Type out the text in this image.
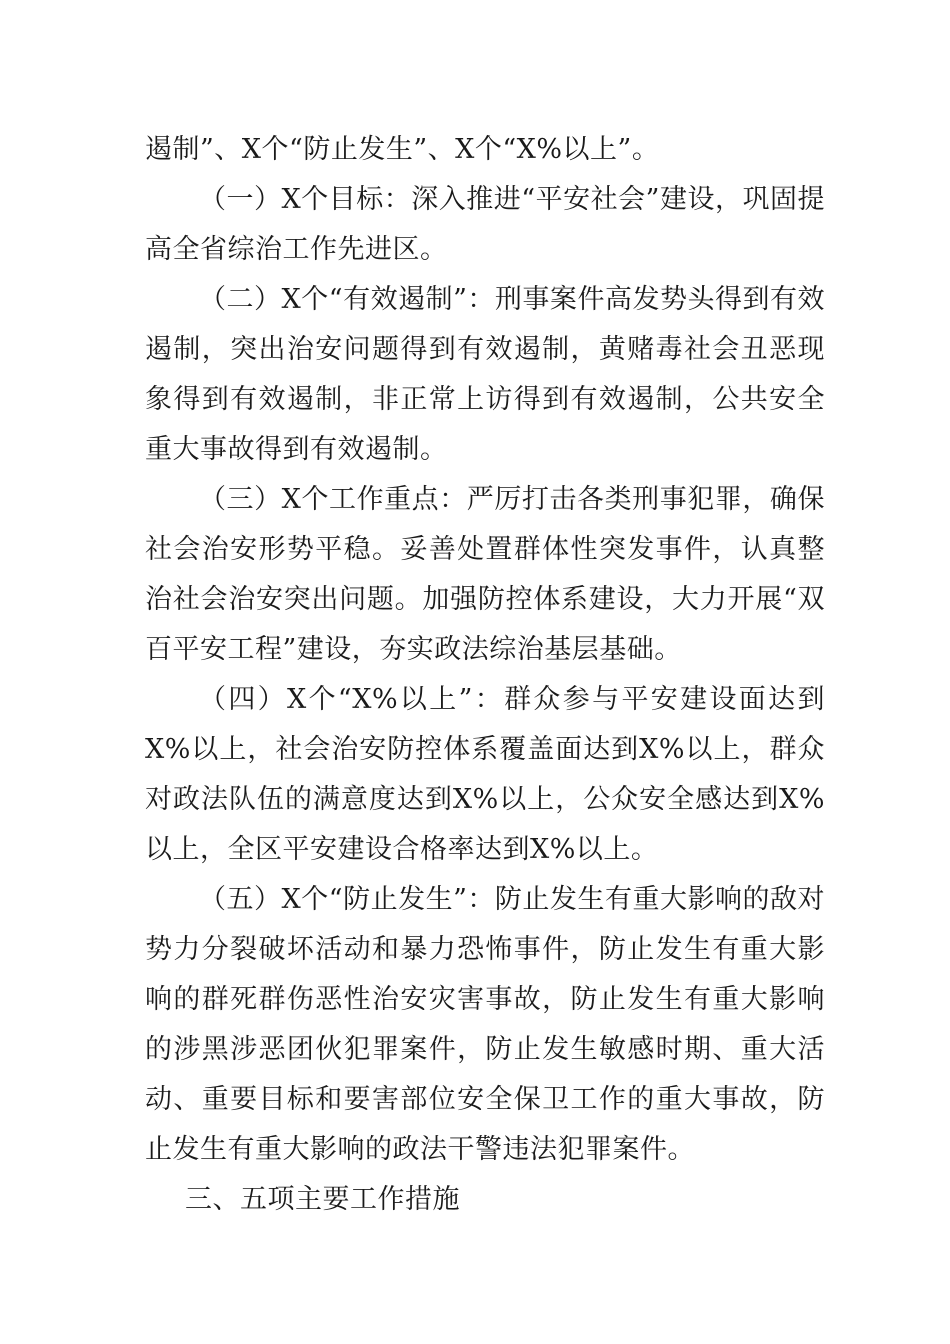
遏制”、X个“防止发生”、X个“X%以上”。

（一）X个目标：深入推进“平安社会”建设，巩固提高全省综治工作先进区。

（二）X个“有效遏制”：刑事案件高发势头得到有效遏制，突出治安问题得到有效遏制，黄赌毒社会丑恶现象得到有效遏制，非正常上访得到有效遏制，公共安全重大事故得到有效遏制。

（三）X个工作重点：严厉打击各类刑事犯罪，确保社会治安形势平稳。妥善处置群体性突发事件，认真整治社会治安突出问题。加强防控体系建设，大力开展“双百平安工程”建设，夯实政法综治基层基础。

（四）X个“X%以上”：群众参与平安建设面达到X%以上，社会治安防控体系覆盖面达到X%以上，群众对政法队伍的满意度达到X%以上，公众安全感达到X%以上，全区平安建设合格率达到X%以上。

（五）X个“防止发生”：防止发生有重大影响的敌对势力分裂破坏活动和暴力恐怖事件，防止发生有重大影响的群死群伤恶性治安灾害事故，防止发生有重大影响的涉黑涉恶团伙犯罪案件，防止发生敏感时期、重大活动、重要目标和要害部位安全保卫工作的重大事故，防止发生有重大影响的政法干警违法犯罪案件。

三、五项主要工作措施
